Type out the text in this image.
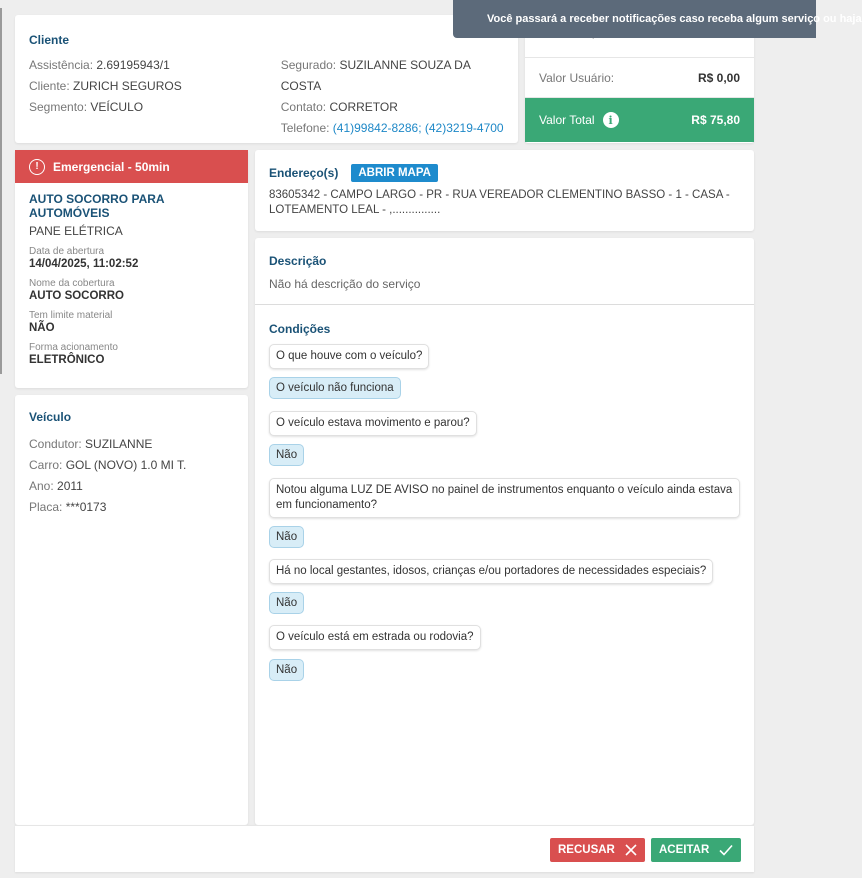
Cliente
Assistência: 2.69195943/1
Cliente: ZURICH SEGUROS
Segmento: VEÍCULO
Segurado: SUZILANNE SOUZA DA COSTA
Contato: CORRETOR
Telefone: (41)99842-8286; (42)3219-4700
Valor Usuário:	R$ 0,00
Valor Total	i	R$ 75,80
Você passará a receber notificações caso receba algum serviço ou haja
!	Emergencial - 50min
AUTO SOCORRO PARA AUTOMÓVEIS
PANE ELÉTRICA
Data de abertura
14/04/2025, 11:02:52
Nome da cobertura
AUTO SOCORRO
Tem limite material
NÃO
Forma acionamento
ELETRÔNICO
Veículo
Condutor: SUZILANNE
Carro: GOL (NOVO) 1.0 MI T.
Ano: 2011
Placa: ***0173
Endereço(s)	ABRIR MAPA
83605342 - CAMPO LARGO - PR - RUA VEREADOR CLEMENTINO BASSO - 1 - CASA - LOTEAMENTO LEAL - ,...............
Descrição
Não há descrição do serviço
Condições
O que houve com o veículo?
O veículo não funciona
O veículo estava movimento e parou?
Não
Notou alguma LUZ DE AVISO no painel de instrumentos enquanto o veículo ainda estava em funcionamento?
Não
Há no local gestantes, idosos, crianças e/ou portadores de necessidades especiais?
Não
O veículo está em estrada ou rodovia?
Não
RECUSAR	ACEITAR
